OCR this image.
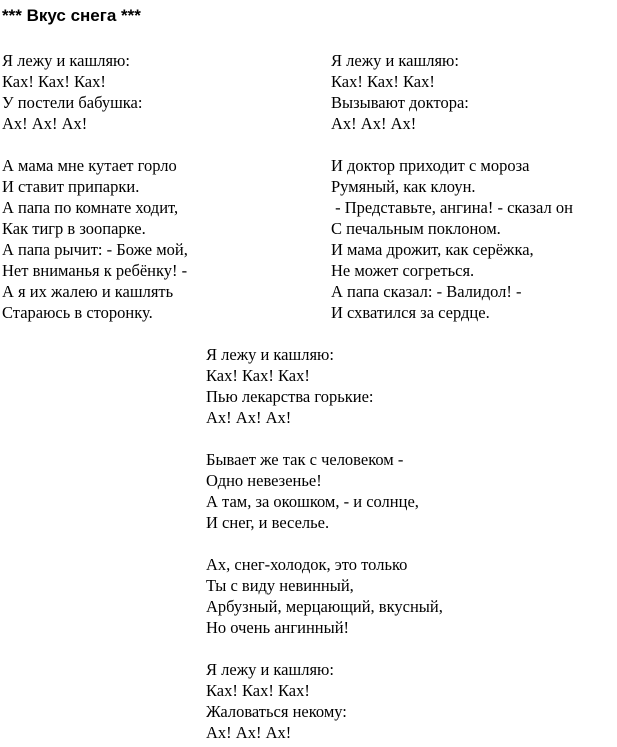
*** Вкус снега ***
Я лежу и кашляю:
Ках! Ках! Ках!
У постели бабушка:
Ах! Ах! Ах!
А мама мне кутает горло
И ставит припарки.
А папа по комнате ходит,
Как тигр в зоопарке.
А папа рычит: - Боже мой,
Нет вниманья к ребёнку! -
А я их жалею и кашлять
Стараюсь в сторонку.
Я лежу и кашляю:
Ках! Ках! Ках!
Вызывают доктора:
Ах! Ах! Ах!
И доктор приходит с мороза
Румяный, как клоун.
- Представьте, ангина! - сказал он
С печальным поклоном.
И мама дрожит, как серёжка,
Не может согреться.
А папа сказал: - Валидол! -
И схватился за сердце.
Я лежу и кашляю:
Ках! Ках! Ках!
Пью лекарства горькие:
Ах! Ах! Ах!
Бывает же так с человеком -
Одно невезенье!
А там, за окошком, - и солнце,
И снег, и веселье.
Ах, снег-холодок, это только
Ты с виду невинный,
Арбузный, мерцающий, вкусный,
Но очень ангинный!
Я лежу и кашляю:
Ках! Ках! Ках!
Жаловаться некому:
Ах! Ах! Ах!
